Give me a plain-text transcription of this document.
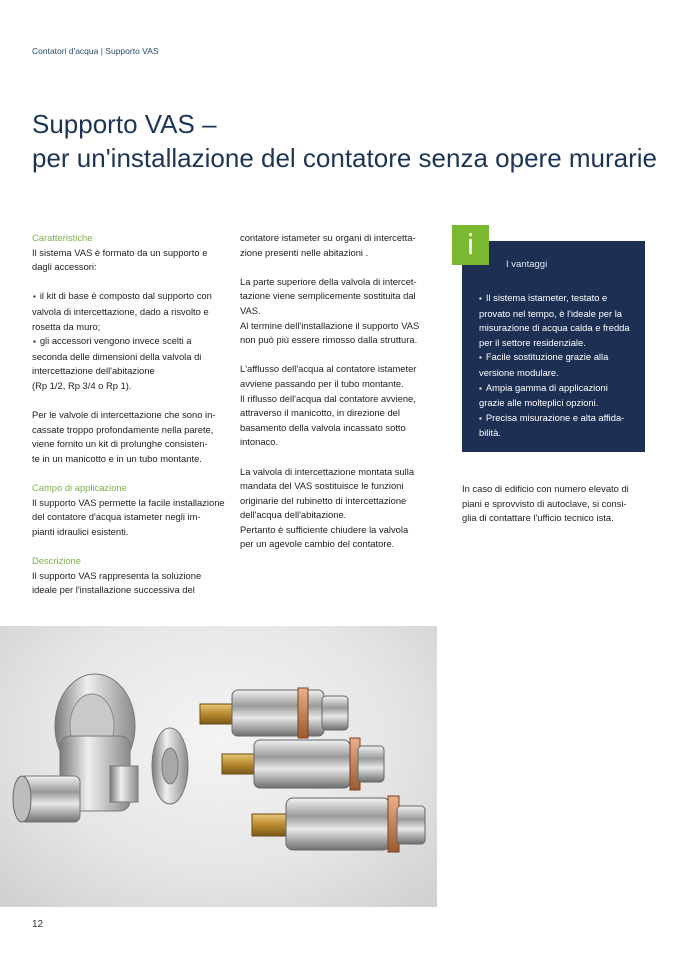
Contatori d'acqua | Supporto VAS
Supporto VAS –
per un'installazione del contatore senza opere murarie

Caratteristiche

Il sistema VAS è formato da un supporto e

dagli accessori:

▪ il kit di base è composto dal supporto con

valvola di intercettazione, dado a risvolto e

rosetta da muro;

▪ gli accessori vengono invece scelti a

seconda delle dimensioni della valvola di

intercettazione dell'abitazione

(Rp 1/2, Rp 3/4 o Rp 1).

Per le valvole di intercettazione che sono in-

cassate troppo profondamente nella parete,

viene fornito un kit di prolunghe consisten-

te in un manicotto e in un tubo montante.

Campo di applicazione

Il supporto VAS permette la facile installazione

del contatore d'acqua istameter negli im-

pianti idraulici esistenti.

Descrizione

Il supporto VAS rappresenta la soluzione

ideale per l'installazione successiva del

contatore istameter su organi di intercetta-

zione presenti nelle abitazioni .

La parte superiore della valvola di intercet-

tazione viene semplicemente sostituita dal

VAS.

Al termine dell'installazione il supporto VAS

non può più essere rimosso dalla struttura.

L'afflusso dell'acqua al contatore istameter

avviene passando per il tubo montante.

Il riflusso dell'acqua dal contatore avviene,

attraverso il manicotto, in direzione del

basamento della valvola incassato sotto

intonaco.

La valvola di intercettazione montata sulla

mandata del VAS sostituisce le funzioni

originarie del rubinetto di intercettazione

dell'acqua dell'abitazione.

Pertanto è sufficiente chiudere la valvola

per un agevole cambio del contatore.

i
I vantaggi

▪ Il sistema istameter, testato e

provato nel tempo, è l'ideale per la

misurazione di acqua calda e fredda

per il settore residenziale.

▪ Facile sostituzione grazie alla

versione modulare.

▪ Ampia gamma di applicazioni

grazie alle molteplici opzioni.

▪ Precisa misurazione e alta affida-

bilità.

In caso di edificio con numero elevato di

piani e sprovvisto di autoclave, si consi-

glia di contattare l'ufficio tecnico ista.

12
